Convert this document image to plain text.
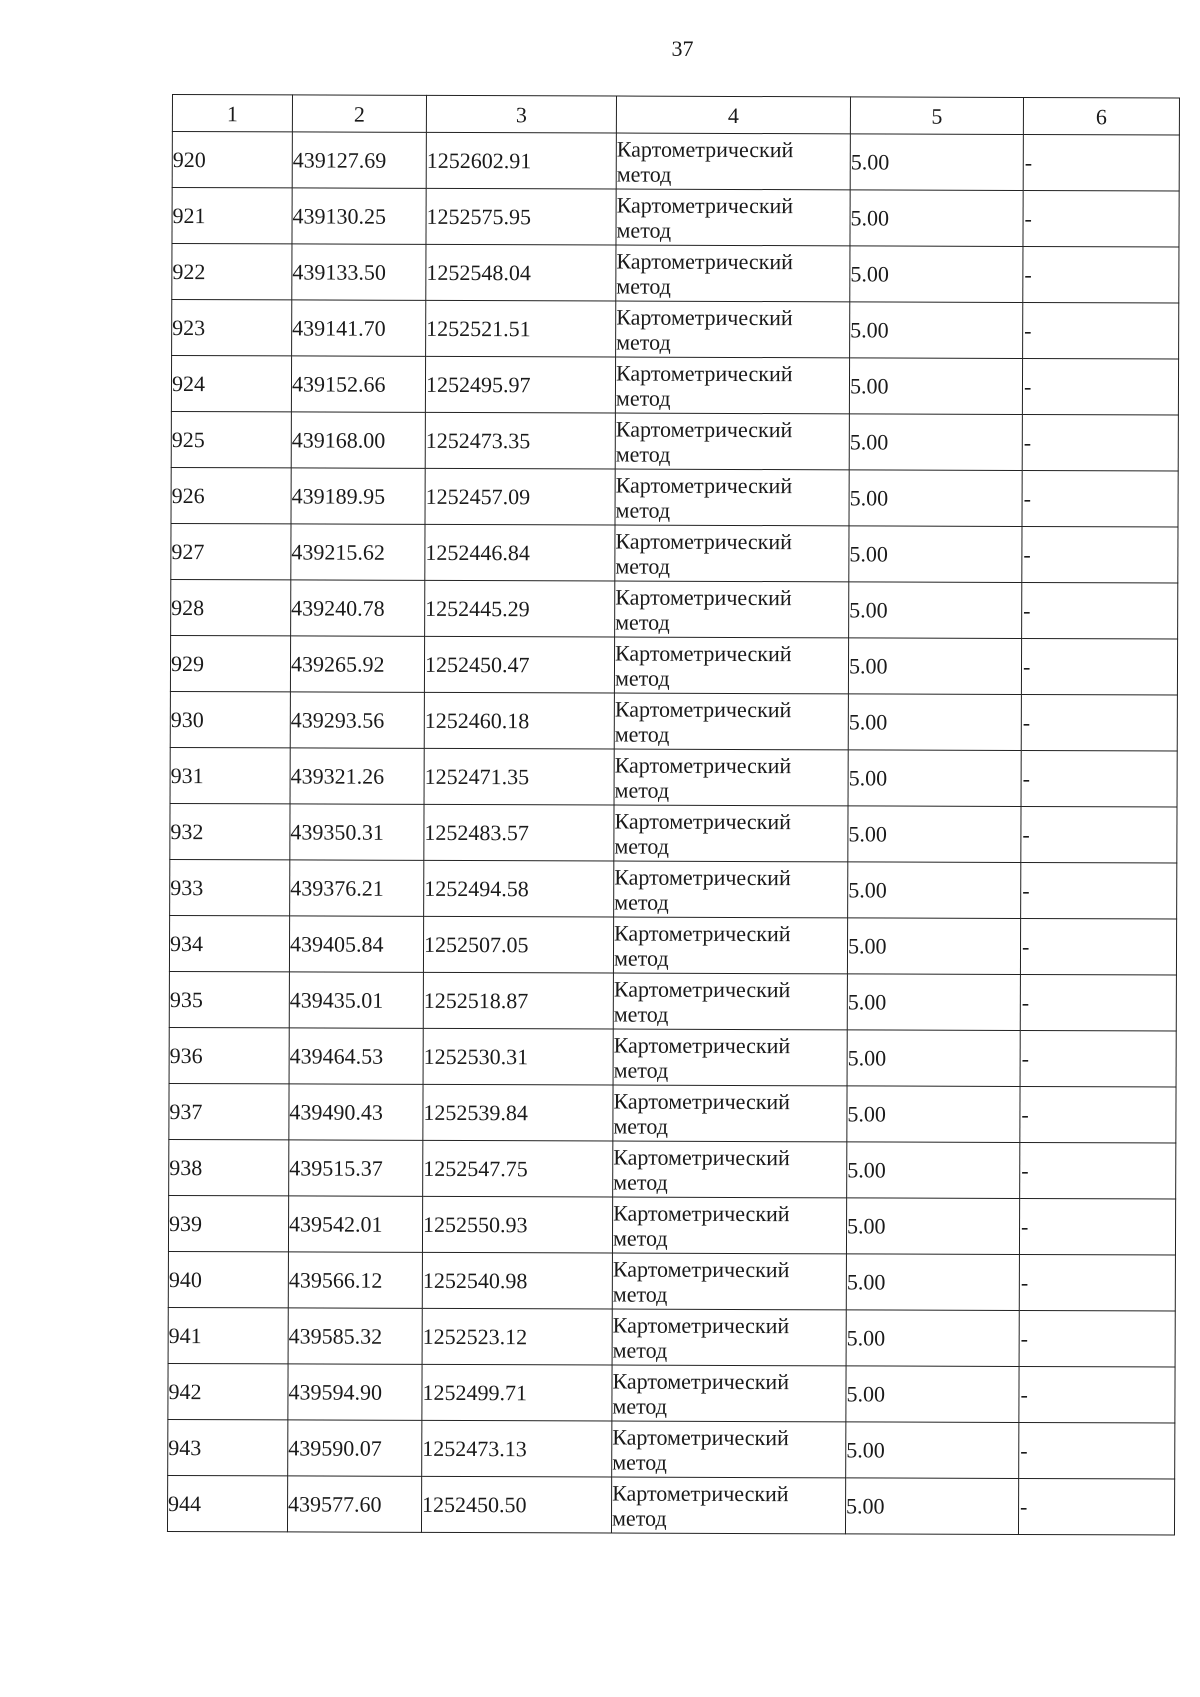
37
1	2	3	4	5	6
920	439127.69	1252602.91	Картометрический метод	5.00	-
921	439130.25	1252575.95	Картометрический метод	5.00	-
922	439133.50	1252548.04	Картометрический метод	5.00	-
923	439141.70	1252521.51	Картометрический метод	5.00	-
924	439152.66	1252495.97	Картометрический метод	5.00	-
925	439168.00	1252473.35	Картометрический метод	5.00	-
926	439189.95	1252457.09	Картометрический метод	5.00	-
927	439215.62	1252446.84	Картометрический метод	5.00	-
928	439240.78	1252445.29	Картометрический метод	5.00	-
929	439265.92	1252450.47	Картометрический метод	5.00	-
930	439293.56	1252460.18	Картометрический метод	5.00	-
931	439321.26	1252471.35	Картометрический метод	5.00	-
932	439350.31	1252483.57	Картометрический метод	5.00	-
933	439376.21	1252494.58	Картометрический метод	5.00	-
934	439405.84	1252507.05	Картометрический метод	5.00	-
935	439435.01	1252518.87	Картометрический метод	5.00	-
936	439464.53	1252530.31	Картометрический метод	5.00	-
937	439490.43	1252539.84	Картометрический метод	5.00	-
938	439515.37	1252547.75	Картометрический метод	5.00	-
939	439542.01	1252550.93	Картометрический метод	5.00	-
940	439566.12	1252540.98	Картометрический метод	5.00	-
941	439585.32	1252523.12	Картометрический метод	5.00	-
942	439594.90	1252499.71	Картометрический метод	5.00	-
943	439590.07	1252473.13	Картометрический метод	5.00	-
944	439577.60	1252450.50	Картометрический метод	5.00	-
